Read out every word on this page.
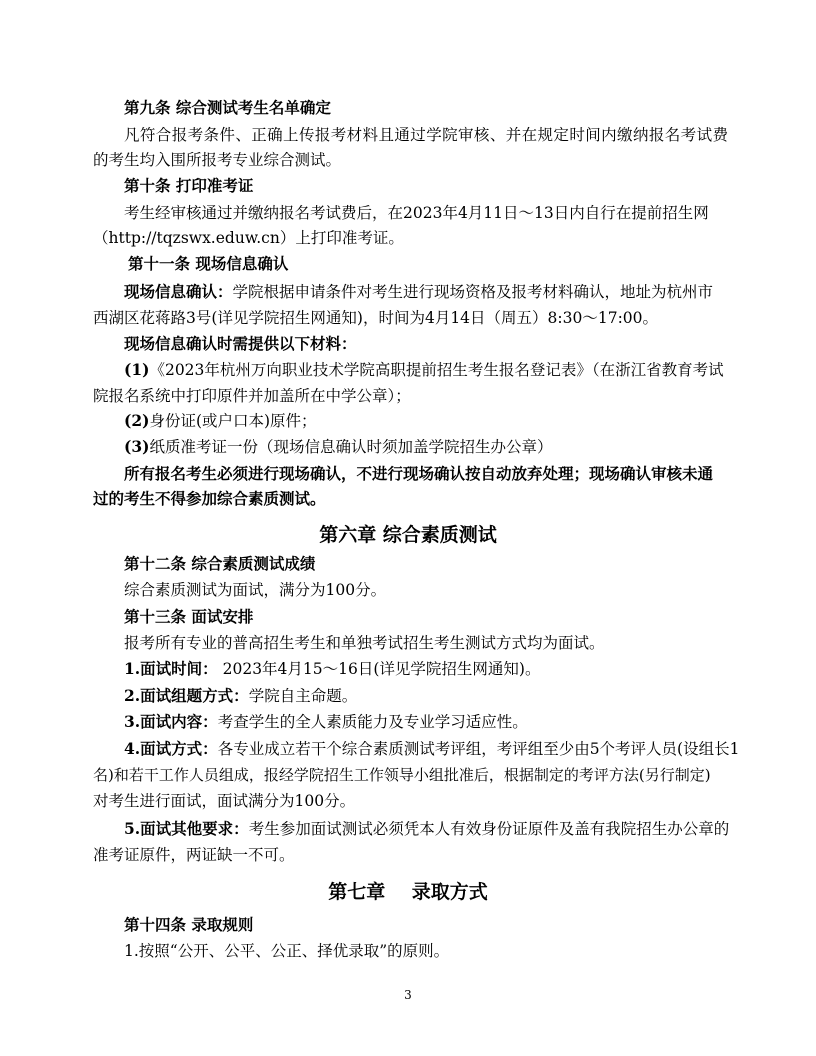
第九条 综合测试考生名单确定
凡符合报考条件、正确上传报考材料且通过学院审核、并在规定时间内缴纳报名考试费
的考生均入围所报考专业综合测试。
第十条 打印准考证
考生经审核通过并缴纳报名考试费后，在2023年4月11日～13日内自行在提前招生网
（http://tqzswx.eduw.cn）上打印准考证。
第十一条 现场信息确认
现场信息确认：学院根据申请条件对考生进行现场资格及报考材料确认，地址为杭州市
西湖区花蒋路3号(详见学院招生网通知)，时间为4月14日（周五）8:30～17:00。
现场信息确认时需提供以下材料：
(1)《2023年杭州万向职业技术学院高职提前招生考生报名登记表》（在浙江省教育考试
院报名系统中打印原件并加盖所在中学公章）；
(2)身份证(或户口本)原件；
(3)纸质准考证一份（现场信息确认时须加盖学院招生办公章）
所有报名考生必须进行现场确认，不进行现场确认按自动放弃处理；现场确认审核未通
过的考生不得参加综合素质测试。
第六章 综合素质测试
第十二条 综合素质测试成绩
综合素质测试为面试，满分为100分。
第十三条 面试安排
报考所有专业的普高招生考生和单独考试招生考生测试方式均为面试。
1.面试时间： 2023年4月15～16日(详见学院招生网通知)。
2.面试组题方式：学院自主命题。
3.面试内容：考查学生的全人素质能力及专业学习适应性。
4.面试方式：各专业成立若干个综合素质测试考评组，考评组至少由5个考评人员(设组长1
名)和若干工作人员组成，报经学院招生工作领导小组批准后，根据制定的考评方法(另行制定)
对考生进行面试，面试满分为100分。
5.面试其他要求：考生参加面试测试必须凭本人有效身份证原件及盖有我院招生办公章的
准考证原件，两证缺一不可。
第七章    录取方式
第十四条 录取规则
1.按照“公开、公平、公正、择优录取”的原则。
3
